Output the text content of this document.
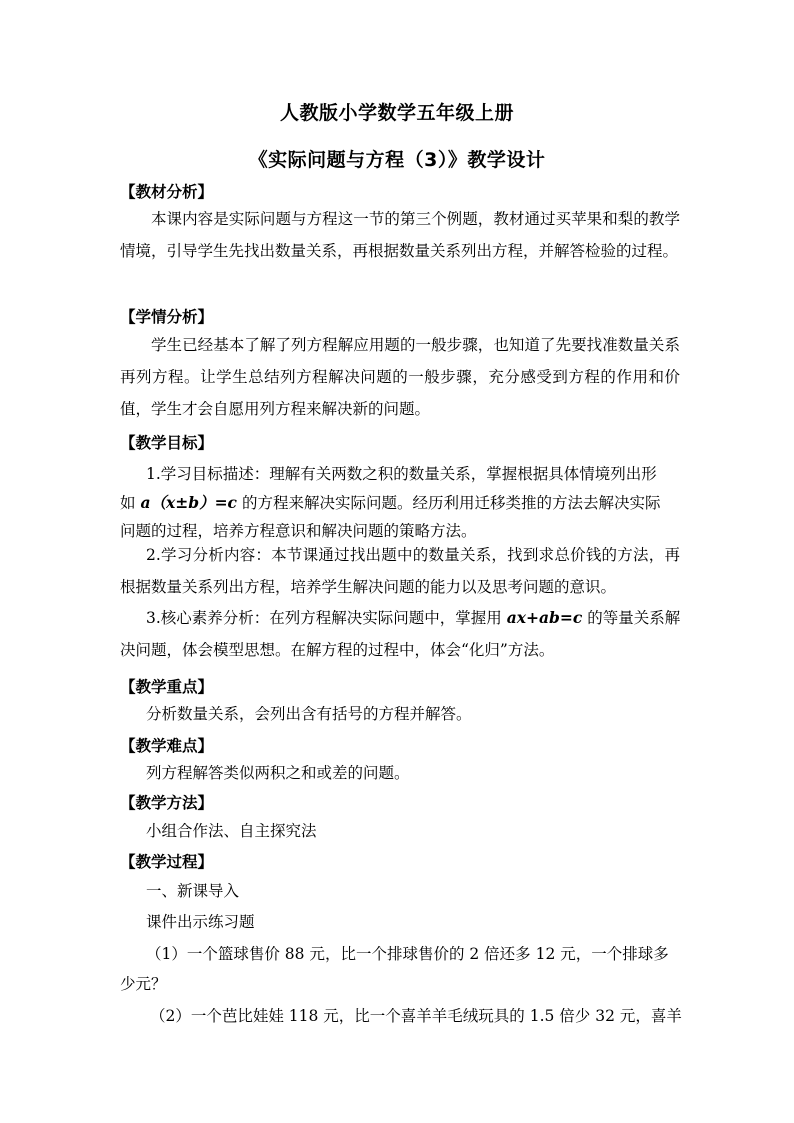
人教版小学数学五年级上册
《实际问题与方程（3）》教学设计
【教材分析】
本课内容是实际问题与方程这一节的第三个例题，教材通过买苹果和梨的教学情境，引导学生先找出数量关系，再根据数量关系列出方程，并解答检验的过程。
【学情分析】
学生已经基本了解了列方程解应用题的一般步骤，也知道了先要找准数量关系再列方程。让学生总结列方程解决问题的一般步骤，充分感受到方程的作用和价值，学生才会自愿用列方程来解决新的问题。
【教学目标】
1.学习目标描述：理解有关两数之积的数量关系，掌握根据具体情境列出形
如 a（x±b）=c 的方程来解决实际问题。经历利用迁移类推的方法去解决实际
问题的过程，培养方程意识和解决问题的策略方法。
2.学习分析内容：本节课通过找出题中的数量关系，找到求总价钱的方法，再根据数量关系列出方程，培养学生解决问题的能力以及思考问题的意识。
3.核心素养分析：在列方程解决实际问题中，掌握用 ax+ab=c 的等量关系解
决问题，体会模型思想。在解方程的过程中，体会“化归”方法。
【教学重点】
分析数量关系，会列出含有括号的方程并解答。
【教学难点】
列方程解答类似两积之和或差的问题。
【教学方法】
小组合作法、自主探究法
【教学过程】
一、新课导入
课件出示练习题
（1）一个篮球售价 88 元，比一个排球售价的 2 倍还多 12 元，一个排球多
少元？
（2）一个芭比娃娃 118 元，比一个喜羊羊毛绒玩具的 1.5 倍少 32 元，喜羊
